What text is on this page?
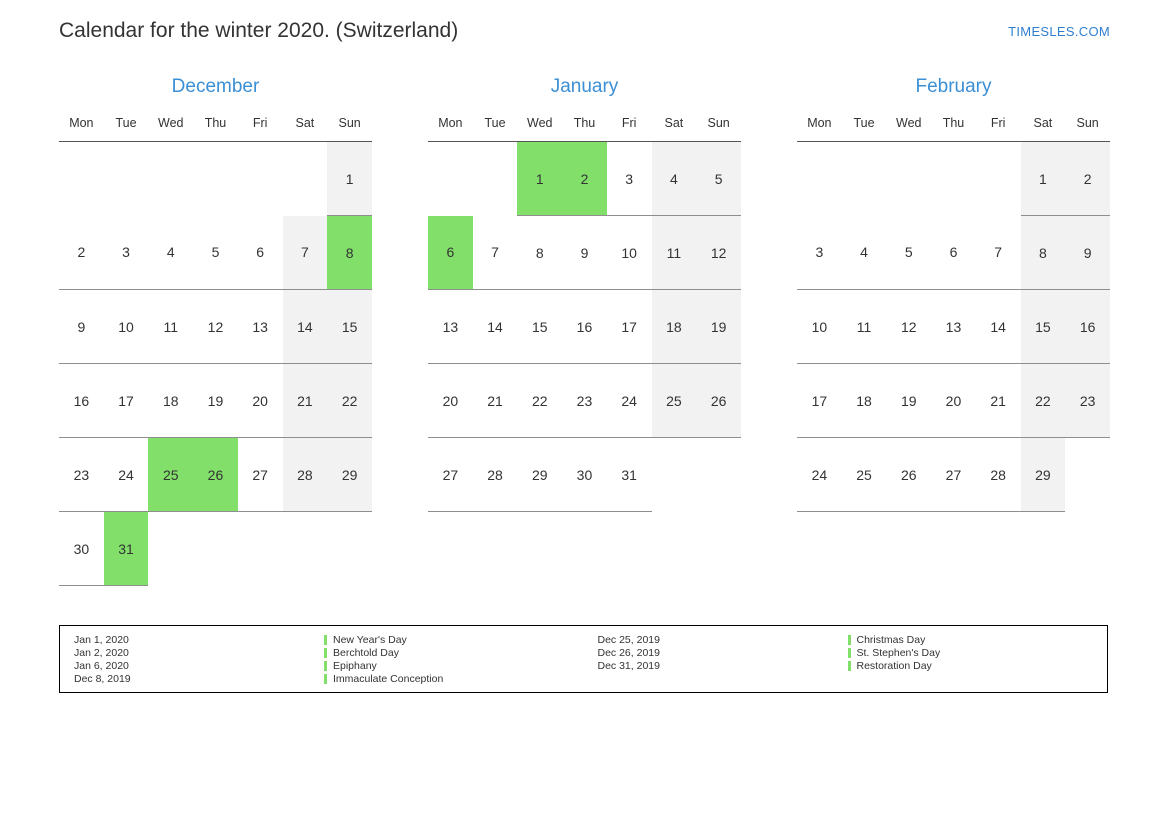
Calendar for the winter 2020. (Switzerland)	TIMESLES.COM
December
Mon	Tue	Wed	Thu	Fri	Sat	Sun
						1
2	3	4	5	6	7	8
9	10	11	12	13	14	15
16	17	18	19	20	21	22
23	24	25	26	27	28	29
30	31					
January
Mon	Tue	Wed	Thu	Fri	Sat	Sun
		1	2	3	4	5
6	7	8	9	10	11	12
13	14	15	16	17	18	19
20	21	22	23	24	25	26
27	28	29	30	31		
February
Mon	Tue	Wed	Thu	Fri	Sat	Sun
					1	2
3	4	5	6	7	8	9
10	11	12	13	14	15	16
17	18	19	20	21	22	23
24	25	26	27	28	29	
Jan 1, 2020	New Year's Day
Jan 2, 2020	Berchtold Day
Jan 6, 2020	Epiphany
Dec 8, 2019	Immaculate Conception
Dec 25, 2019	Christmas Day
Dec 26, 2019	St. Stephen's Day
Dec 31, 2019	Restoration Day
